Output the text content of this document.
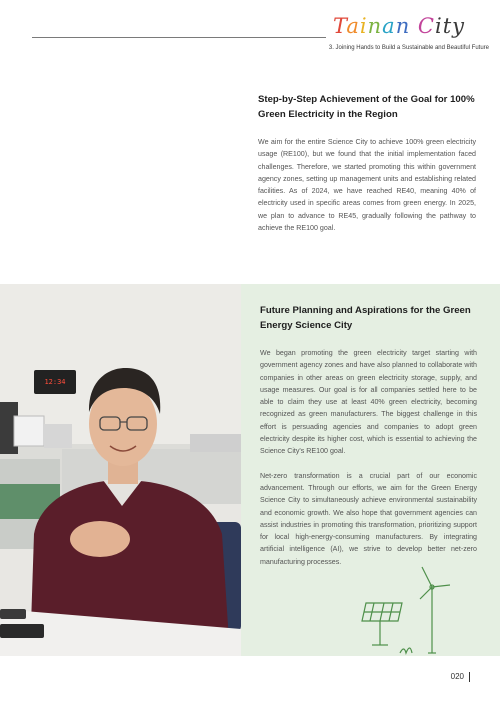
Tainan City
3. Joining Hands to Build a Sustainable and Beautiful Future
Step-by-Step Achievement of the Goal for 100% Green Electricity in the Region

We aim for the entire Science City to achieve 100% green electricity usage (RE100), but we found that the initial implementation faced challenges. Therefore, we started promoting this within government agency zones, setting up management units and establishing related facilities. As of 2024, we have reached RE40, meaning 40% of electricity used in specific areas comes from green energy. In 2025, we plan to advance to RE45, gradually following the pathway to achieve the RE100 goal.

12:34
Future Planning and Aspirations for the Green Energy Science City

We began promoting the green electricity target starting with government agency zones and have also planned to collaborate with companies in other areas on green electricity storage, supply, and usage measures. Our goal is for all companies settled here to be able to claim they use at least 40% green electricity, becoming recognized as green manufacturers. The biggest challenge in this effort is persuading agencies and companies to adopt green electricity despite its higher cost, which is essential to achieving the Science City's RE100 goal.

Net-zero transformation is a crucial part of our economic advancement. Through our efforts, we aim for the Green Energy Science City to simultaneously achieve environmental sustainability and economic growth. We also hope that government agencies can assist industries in promoting this transformation, prioritizing support for local high-energy-consuming manufacturers. By integrating artificial intelligence (AI), we strive to develop better net-zero manufacturing processes.

020
